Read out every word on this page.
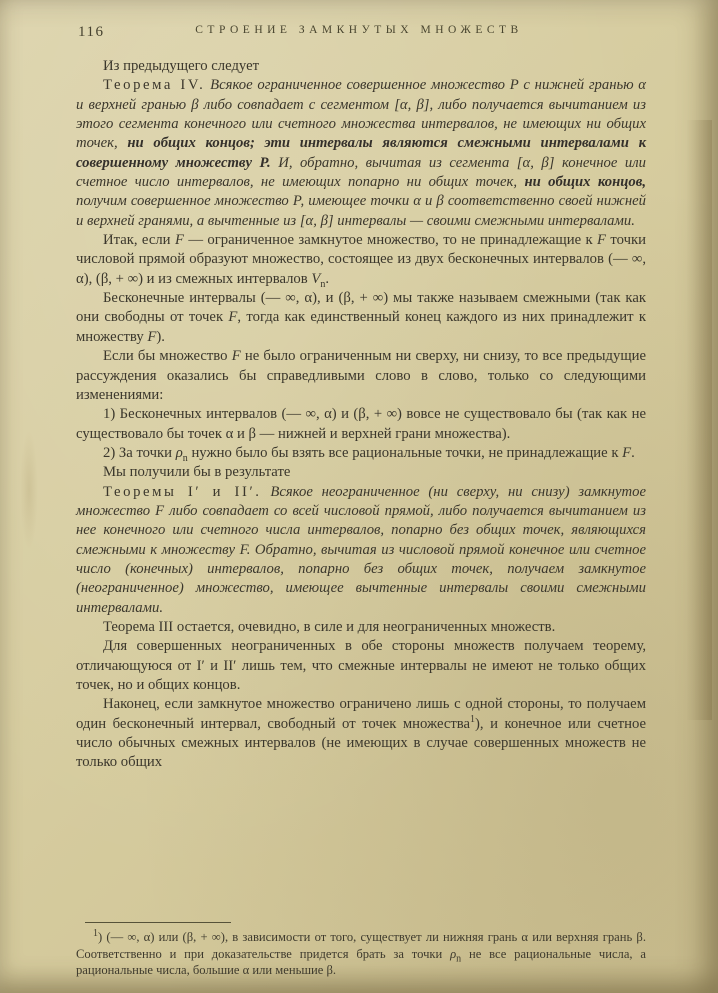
116	СТРОЕНИЕ ЗАМКНУТЫХ МНОЖЕСТВ

Из предыдущего следует

Теорема IV. Всякое ограниченное совершенное множество Р с нижней гранью α и верхней гранью β либо совпадает с сегментом [α, β], либо получается вычитанием из этого сегмента конечного или счетного множества интервалов, не имеющих ни общих точек, ни общих концов; эти интервалы являются смежными интервалами к совершенному множеству Р. И, обратно, вычитая из сегмента [α, β] конечное или счетное число интервалов, не имеющих попарно ни общих точек, ни общих концов, получим совершенное множество Р, имеющее точки α и β соответственно своей нижней и верхней гранями, а вычтенные из [α, β] интервалы — своими смежными интервалами.

Итак, если F — ограниченное замкнутое множество, то не принадлежащие к F точки числовой прямой образуют множество, состоящее из двух бесконечных интервалов (— ∞, α), (β, + ∞) и из смежных интервалов $V_n$.

Бесконечные интервалы (— ∞, α), и (β, + ∞) мы также называем смежными (так как они свободны от точек F, тогда как единственный конец каждого из них принадлежит к множеству F).

Если бы множество F не было ограниченным ни сверху, ни снизу, то все предыдущие рассуждения оказались бы справедливыми слово в слово, только со следующими изменениями:

1) Бесконечных интервалов (— ∞, α) и (β, + ∞) вовсе не существовало бы (так как не существовало бы точек α и β — нижней и верхней грани множества).

2) За точки $\rho_n$ нужно было бы взять все рациональные точки, не принадлежащие к F.

Мы получили бы в результате

Теоремы I′ и II′. Всякое неограниченное (ни сверху, ни снизу) замкнутое множество F либо совпадает со всей числовой прямой, либо получается вычитанием из нее конечного или счетного числа интервалов, попарно без общих точек, являющихся смежными к множеству F. Обратно, вычитая из числовой прямой конечное или счетное число (конечных) интервалов, попарно без общих точек, получаем замкнутое (неограниченное) множество, имеющее вычтенные интервалы своими смежными интервалами.

Теорема III остается, очевидно, в силе и для неограниченных множеств.

Для совершенных неограниченных в обе стороны множеств получаем теорему, отличающуюся от I′ и II′ лишь тем, что смежные интервалы не имеют не только общих точек, но и общих концов.

Наконец, если замкнутое множество ограничено лишь с одной стороны, то получаем один бесконечный интервал, свободный от точек множества$^1$), и конечное или счетное число обычных смежных интервалов (не имеющих в случае совершенных множеств не только общих

$^1$) (— ∞, α) или (β, + ∞), в зависимости от того, существует ли нижняя грань α или верхняя грань β. Соответственно и при доказательстве придется брать за точки $\rho_n$ не все рациональные числа, а рациональные числа, большие α или меньшие β.
